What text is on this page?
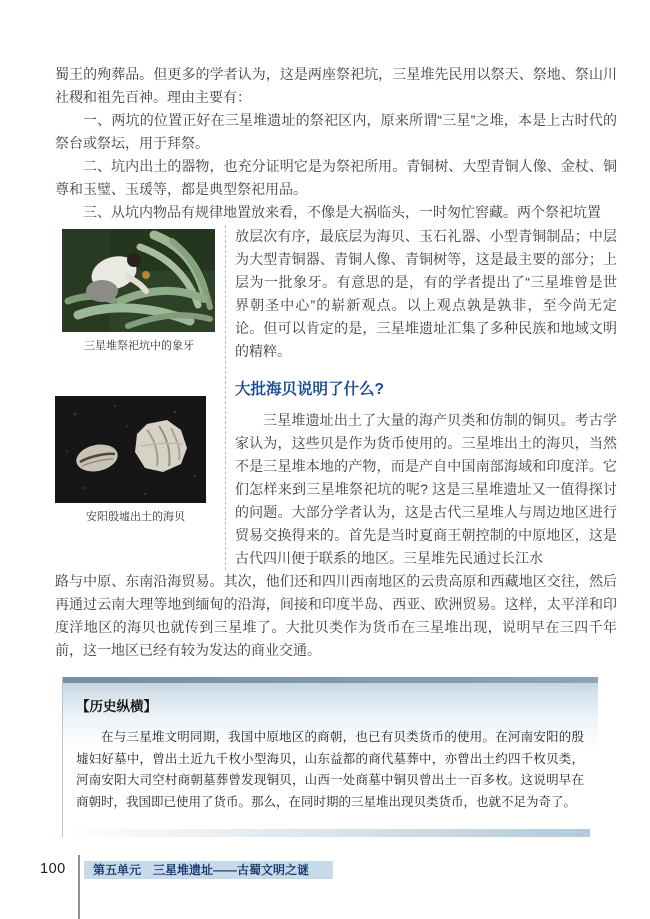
蜀王的殉葬品。但更多的学者认为，这是两座祭祀坑，三星堆先民用以祭天、祭地、祭山川社稷和祖先百神。理由主要有：

一、两坑的位置正好在三星堆遗址的祭祀区内，原来所谓“三星”之堆，本是上古时代的祭台或祭坛，用于拜祭。

二、坑内出土的器物，也充分证明它是为祭祀所用。青铜树、大型青铜人像、金杖、铜尊和玉璧、玉瑗等，都是典型祭祀用品。

三、从坑内物品有规律地置放来看，不像是大祸临头，一时匆忙窖藏。两个祭祀坑置

三星堆祭祀坑中的象牙
安阳殷墟出土的海贝

放层次有序，最底层为海贝、玉石礼器、小型青铜制品；中层为大型青铜器、青铜人像、青铜树等，这是最主要的部分；上层为一批象牙。有意思的是，有的学者提出了“三星堆曾是世界朝圣中心”的崭新观点。以上观点孰是孰非，至今尚无定论。但可以肯定的是，三星堆遗址汇集了多种民族和地域文明的精粹。

大批海贝说明了什么?

三星堆遗址出土了大量的海产贝类和仿制的铜贝。考古学家认为，这些贝是作为货币使用的。三星堆出土的海贝，当然不是三星堆本地的产物，而是产自中国南部海域和印度洋。它们怎样来到三星堆祭祀坑的呢? 这是三星堆遗址又一值得探讨的问题。大部分学者认为，这是古代三星堆人与周边地区进行贸易交换得来的。首先是当时夏商王朝控制的中原地区，这是古代四川便于联系的地区。三星堆先民通过长江水

路与中原、东南沿海贸易。其次，他们还和四川西南地区的云贵高原和西藏地区交往，然后再通过云南大理等地到缅甸的沿海，间接和印度半岛、西亚、欧洲贸易。这样，太平洋和印度洋地区的海贝也就传到三星堆了。大批贝类作为货币在三星堆出现，说明早在三四千年前，这一地区已经有较为发达的商业交通。

【历史纵横】

在与三星堆文明同期，我国中原地区的商朝，也已有贝类货币的使用。在河南安阳的殷墟妇好墓中，曾出土近九千枚小型海贝，山东益都的商代墓葬中，亦曾出土约四千枚贝类，河南安阳大司空村商朝墓葬曾发现铜贝，山西一处商墓中铜贝曾出土一百多枚。这说明早在商朝时，我国即已使用了货币。那么，在同时期的三星堆出现贝类货币，也就不足为奇了。

100	第五单元　三星堆遗址——古蜀文明之谜
